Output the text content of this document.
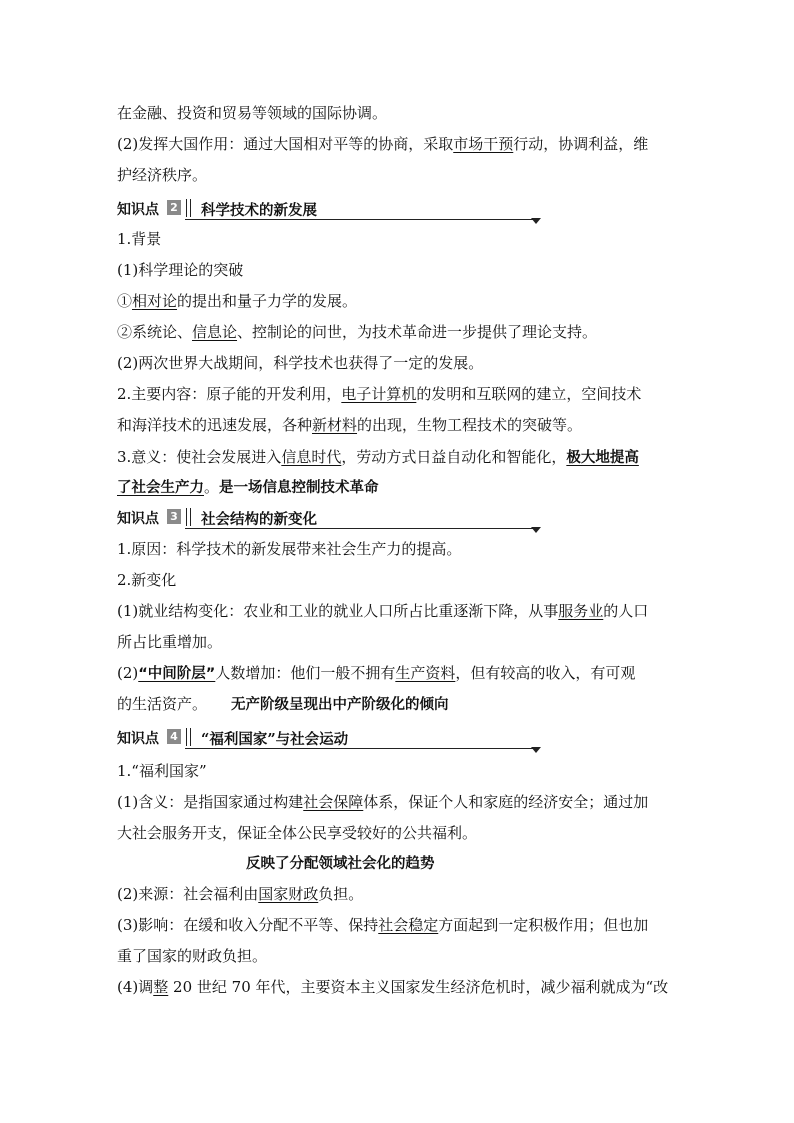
在金融、投资和贸易等领域的国际协调。
(2)发挥大国作用：通过大国相对平等的协商，采取市场干预行动，协调利益，维
护经济秩序。
知识点 2 科学技术的新发展
1.背景
(1)科学理论的突破
①相对论的提出和量子力学的发展。
②系统论、信息论、控制论的问世，为技术革命进一步提供了理论支持。
(2)两次世界大战期间，科学技术也获得了一定的发展。
2.主要内容：原子能的开发利用，电子计算机的发明和互联网的建立，空间技术
和海洋技术的迅速发展，各种新材料的出现，生物工程技术的突破等。
3.意义：使社会发展进入信息时代，劳动方式日益自动化和智能化，极大地提高
了社会生产力。是一场信息控制技术革命
知识点 3 社会结构的新变化
1.原因：科学技术的新发展带来社会生产力的提高。
2.新变化
(1)就业结构变化：农业和工业的就业人口所占比重逐渐下降，从事服务业的人口
所占比重增加。
(2)“中间阶层”人数增加：他们一般不拥有生产资料，但有较高的收入，有可观
的生活资产。 无产阶级呈现出中产阶级化的倾向
知识点 4 “福利国家”与社会运动
1.“福利国家”
(1)含义：是指国家通过构建社会保障体系，保证个人和家庭的经济安全；通过加
大社会服务开支，保证全体公民享受较好的公共福利。
反映了分配领域社会化的趋势
(2)来源：社会福利由国家财政负担。
(3)影响：在缓和收入分配不平等、保持社会稳定方面起到一定积极作用；但也加
重了国家的财政负担。
(4)调整 20 世纪 70 年代，主要资本主义国家发生经济危机时，减少福利就成为“改
